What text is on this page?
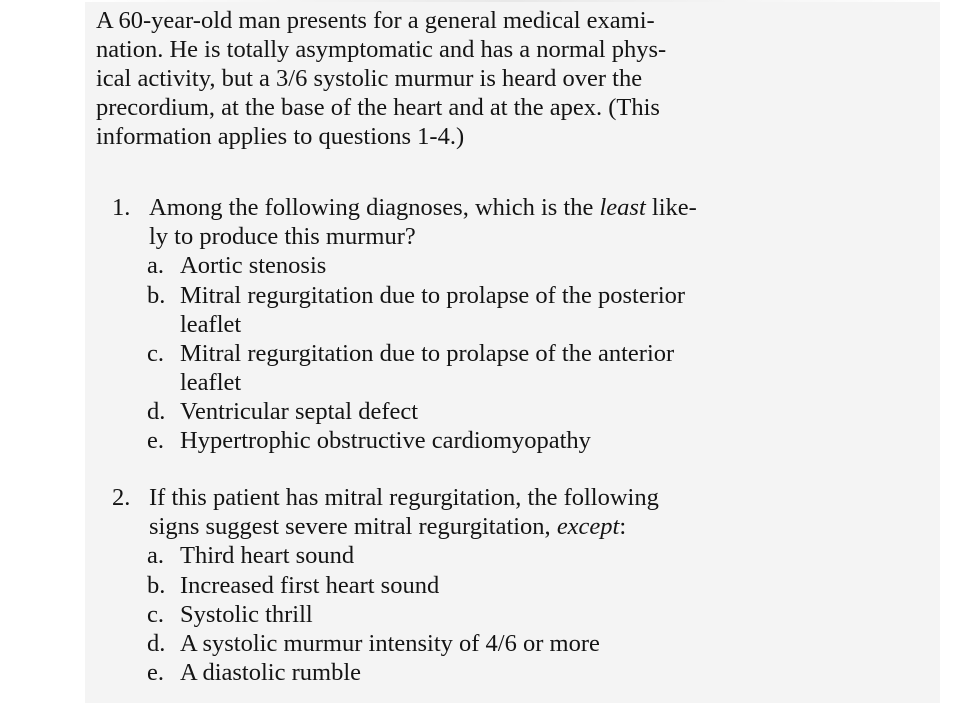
A 60-year-old man presents for a general medical exami-
nation. He is totally asymptomatic and has a normal phys-
ical activity, but a 3/6 systolic murmur is heard over the
precordium, at the base of the heart and at the apex. (This
information applies to questions 1-4.)
1. Among the following diagnoses, which is the least like-
ly to produce this murmur?
a. Aortic stenosis
b. Mitral regurgitation due to prolapse of the posterior
leaflet
c. Mitral regurgitation due to prolapse of the anterior
leaflet
d. Ventricular septal defect
e. Hypertrophic obstructive cardiomyopathy
2. If this patient has mitral regurgitation, the following
signs suggest severe mitral regurgitation, except:
a. Third heart sound
b. Increased first heart sound
c. Systolic thrill
d. A systolic murmur intensity of 4/6 or more
e. A diastolic rumble
